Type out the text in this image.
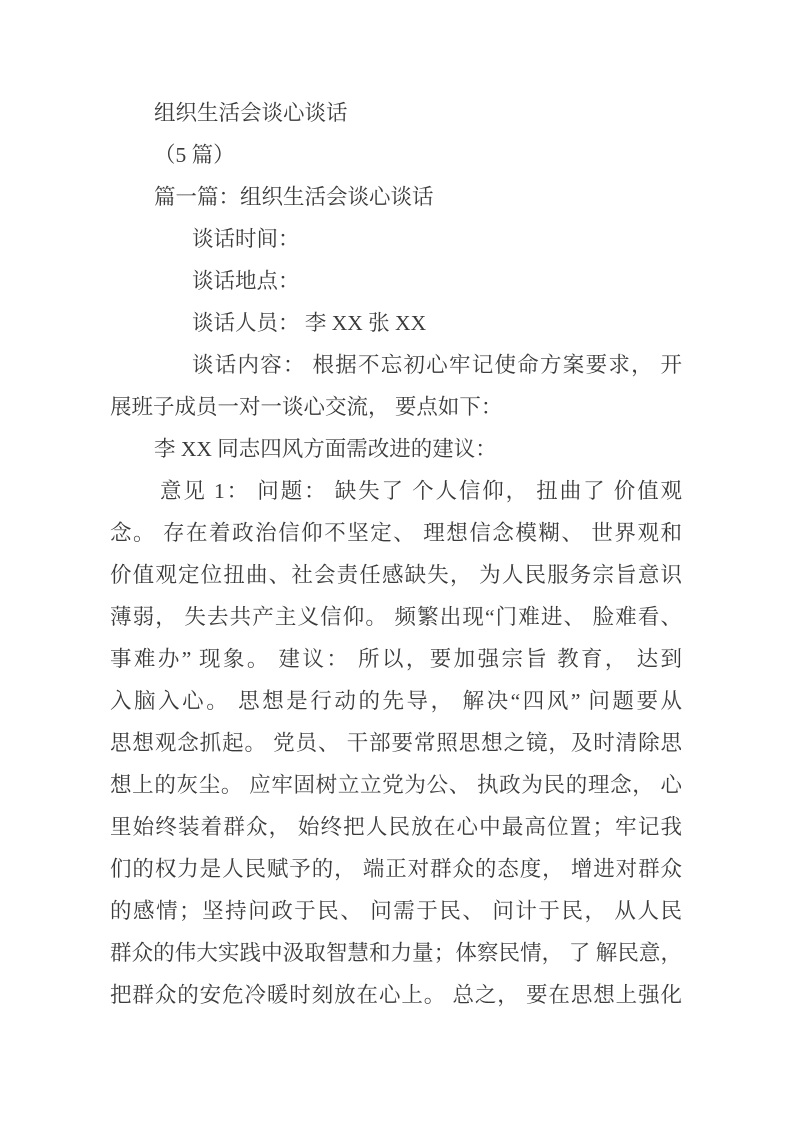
组织生活会谈心谈话
（5 篇）
篇一篇：组织生活会谈心谈话
谈话时间：
谈话地点：
谈话人员： 李 XX 张 XX
谈话内容： 根据不忘初心牢记使命方案要求， 开
展班子成员一对一谈心交流， 要点如下：
李 XX 同志四风方面需改进的建议：
意见 1： 问题： 缺失了 个人信仰， 扭曲了 价值观
念。 存在着政治信仰不坚定、 理想信念模糊、 世界观和
价值观定位扭曲、社会责任感缺失， 为人民服务宗旨意识
薄弱， 失去共产主义信仰。 频繁出现“门难进、 脸难看、
事难办” 现象。 建议： 所以，要加强宗旨 教育， 达到
入脑入心。 思想是行动的先导， 解决“四风” 问题要从
思想观念抓起。 党员、 干部要常照思想之镜，及时清除思
想上的灰尘。 应牢固树立立党为公、 执政为民的理念， 心
里始终装着群众， 始终把人民放在心中最高位置；牢记我
们的权力是人民赋予的， 端正对群众的态度， 增进对群众
的感情；坚持问政于民、 问需于民、 问计于民， 从人民
群众的伟大实践中汲取智慧和力量；体察民情， 了 解民意，
把群众的安危冷暖时刻放在心上。 总之， 要在思想上强化
